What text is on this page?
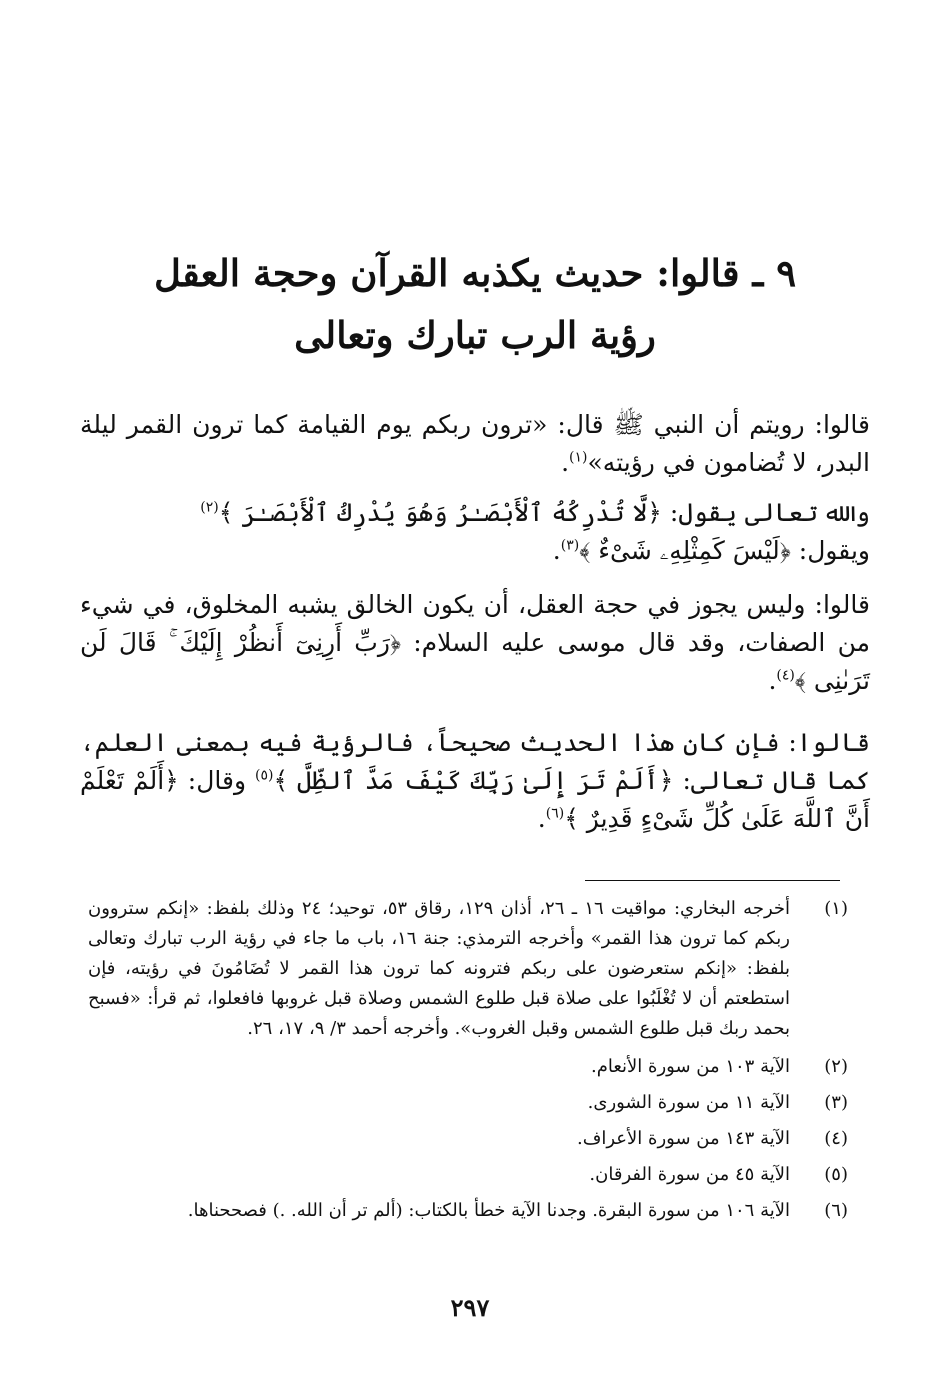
٩ ـ قالوا: حديث يكذبه القرآن وحجة العقل
رؤية الرب تبارك وتعالى

قالوا: رويتم أن النبي ﷺ قال: «ترون ربكم يوم القيامة كما ترون القمر ليلة البدر، لا تُضامون في رؤيته»$^{(١)}$.

والله تعالى يقول: ﴿لَّا تُدْرِكُهُ ٱلْأَبْصَـٰرُ وَهُوَ يُدْرِكُ ٱلْأَبْصَـٰرَ ﴾$^{(٢)}$

ويقول: ﴿لَيْسَ كَمِثْلِهِۦ شَىْءٌ ﴾$^{(٣)}$.

قالوا: وليس يجوز في حجة العقل، أن يكون الخالق يشبه المخلوق، في شيء من الصفات، وقد قال موسى عليه السلام: ﴿رَبِّ أَرِنِىٓ أَنظُرْ إِلَيْكَ ۚ قَالَ لَن تَرَىٰنِى ﴾$^{(٤)}$.

قالوا: فإن كان هذا الحديث صحيحاً، فالرؤية فيه بمعنى العلم، كما قال تعالى: ﴿أَلَمْ تَرَ إِلَىٰ رَبِّكَ كَيْفَ مَدَّ ٱلظِّلَّ ﴾$^{(٥)}$ وقال: ﴿أَلَمْ تَعْلَمْ أَنَّ ٱللَّهَ عَلَىٰ كُلِّ شَىْءٍ قَدِيرٌ ﴾$^{(٦)}$.

(١)
أخرجه البخاري: مواقيت ١٦ ـ ٢٦، أذان ١٢٩، رقاق ٥٣، توحيد؛ ٢٤ وذلك بلفظ: «إنكم ستروون ربكم كما ترون هذا القمر» وأخرجه الترمذي: جنة ١٦، باب ما جاء في رؤية الرب تبارك وتعالى بلفظ: «إنكم ستعرضون على ربكم فترونه كما ترون هذا القمر لا تُضَامُونَ في رؤيته، فإن استطعتم أن لا تُغْلَبُوا على صلاة قبل طلوع الشمس وصلاة قبل غروبها فافعلوا، ثم قرأ: «فسبح بحمد ربك قبل طلوع الشمس وقبل الغروب». وأخرجه أحمد ٣/ ٩، ١٧، ٢٦.
(٢)
الآية ١٠٣ من سورة الأنعام.
(٣)
الآية ١١ من سورة الشورى.
(٤)
الآية ١٤٣ من سورة الأعراف.
(٥)
الآية ٤٥ من سورة الفرقان.
(٦)
الآية ١٠٦ من سورة البقرة. وجدنا الآية خطأ بالكتاب: (ألم تر أن الله. .) فصححناها.
٢٩٧
